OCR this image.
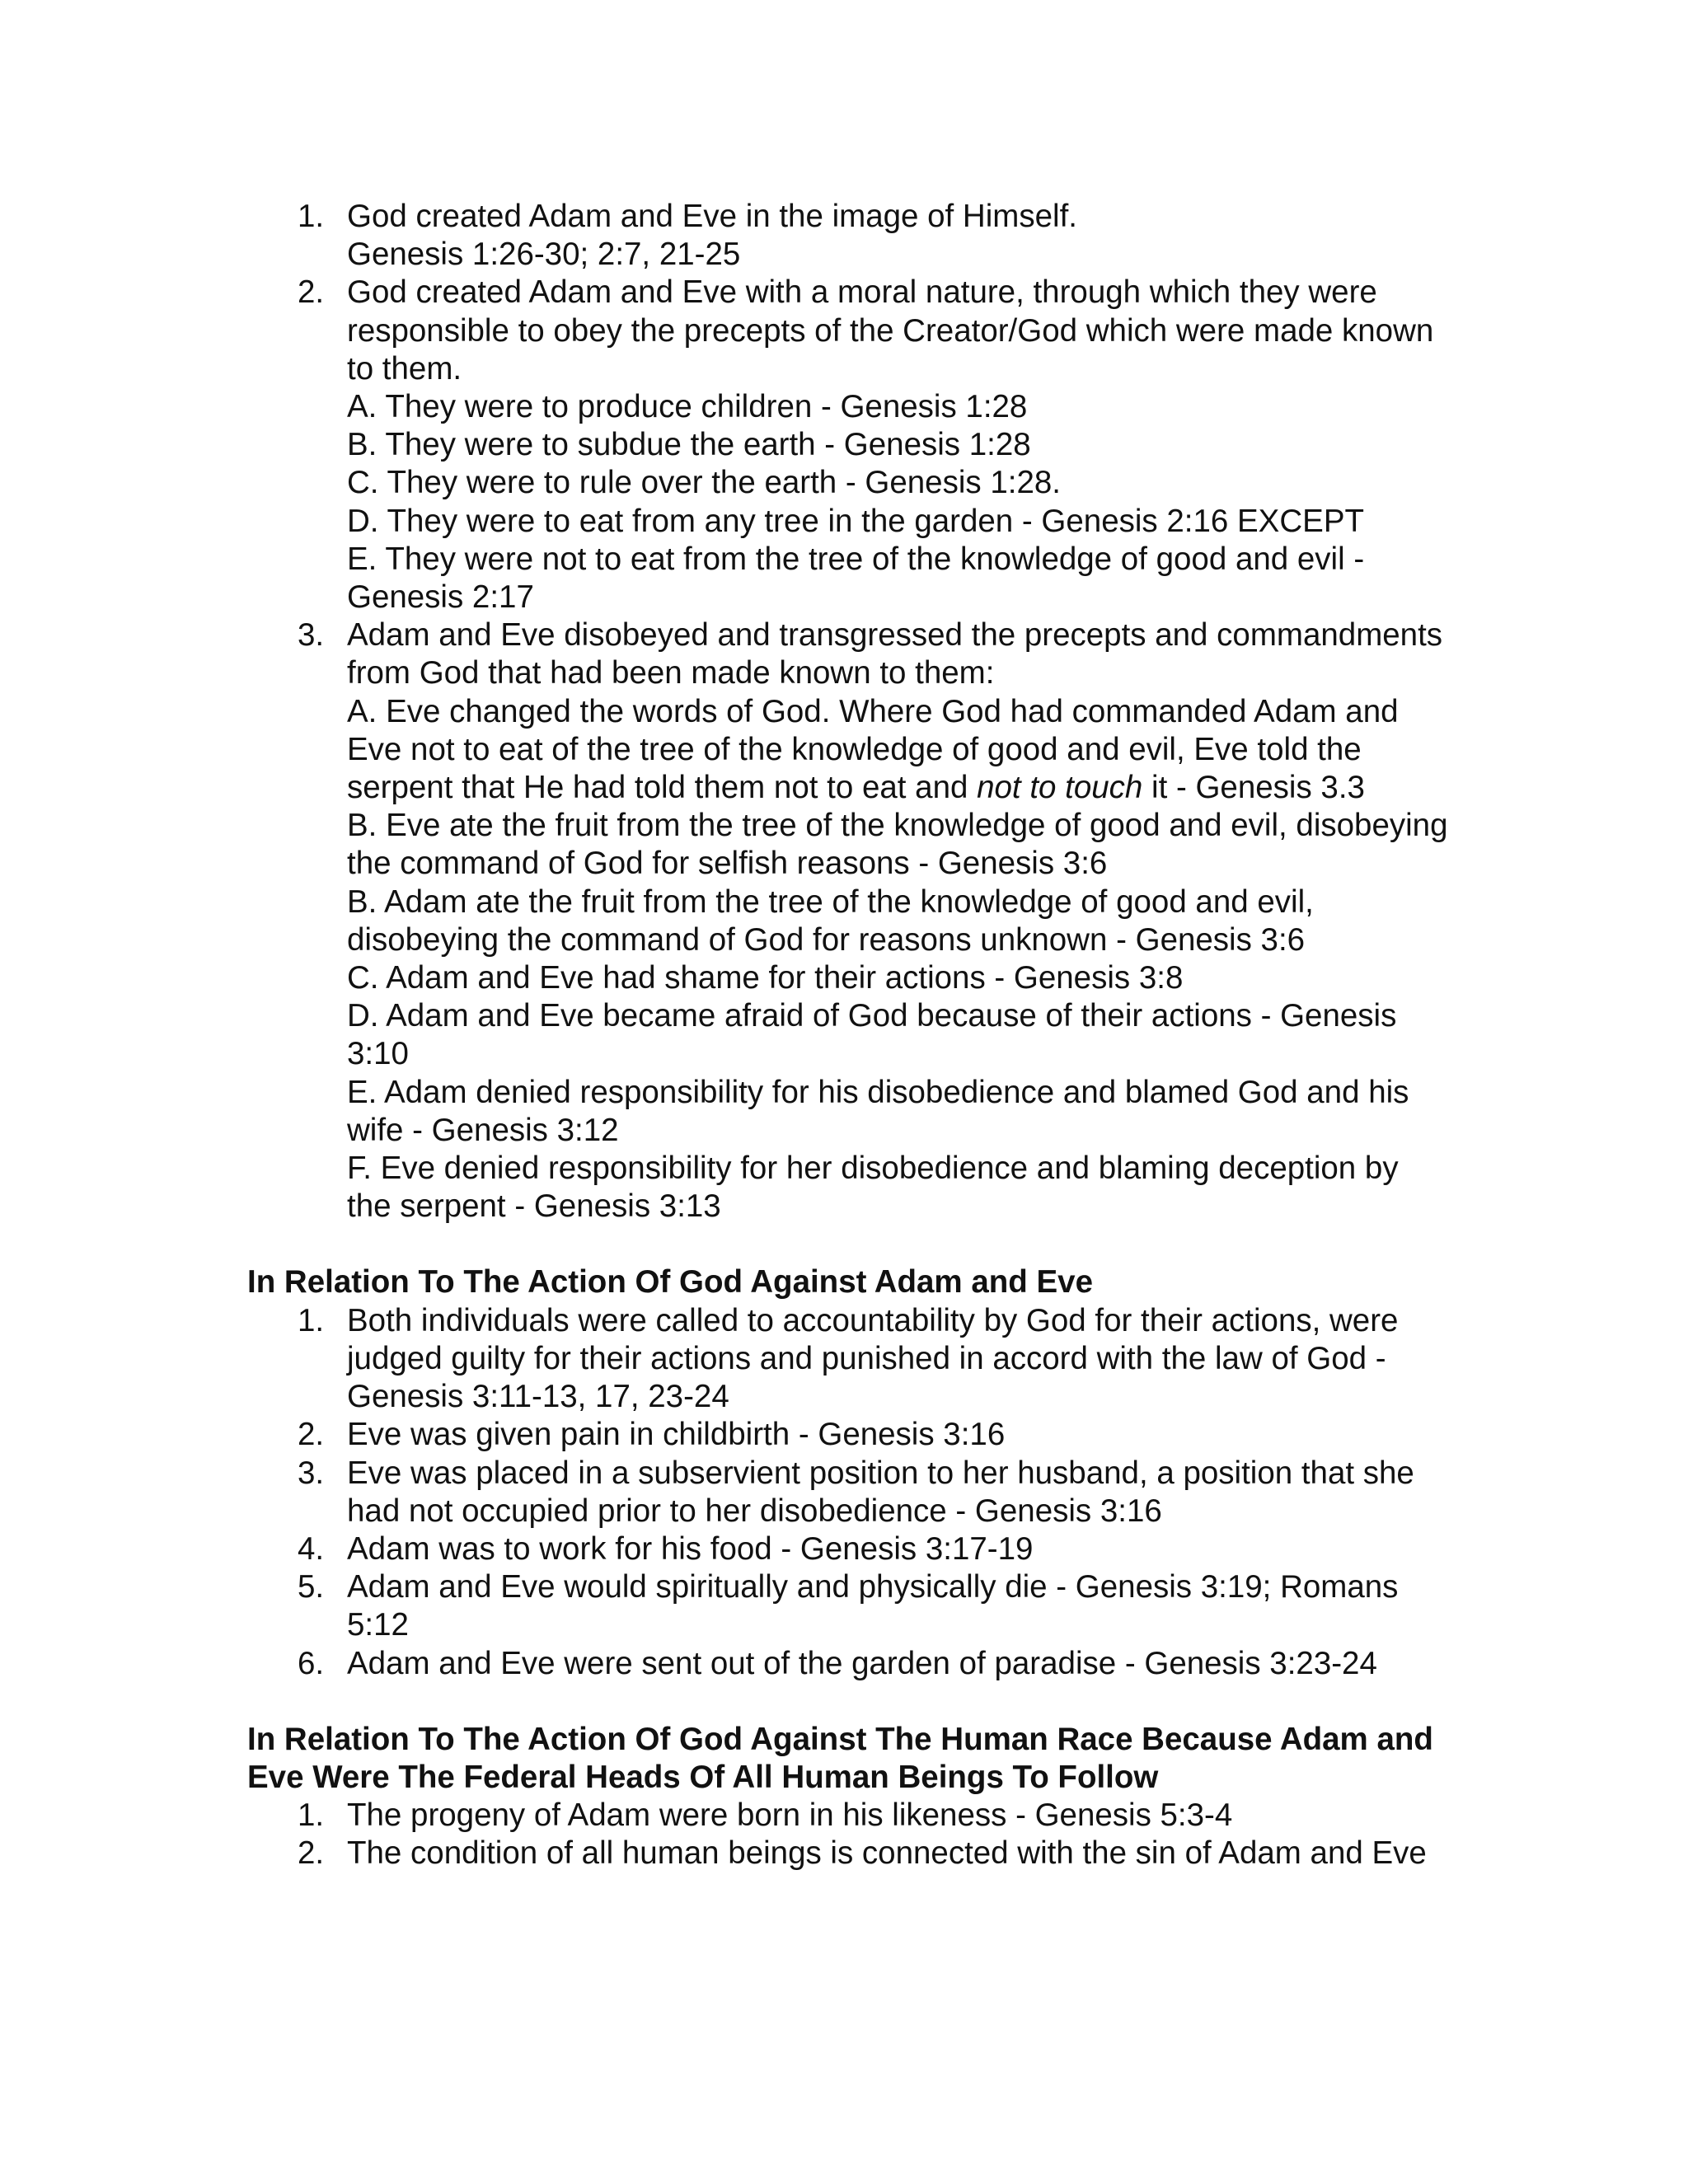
1. God created Adam and Eve in the image of Himself.
Genesis 1:26-30; 2:7, 21-25
2. God created Adam and Eve with a moral nature, through which they were responsible to obey the precepts of the Creator/God which were made known to them.
A. They were to produce children - Genesis 1:28
B. They were to subdue the earth - Genesis 1:28
C. They were to rule over the earth - Genesis 1:28.
D. They were to eat from any tree in the garden - Genesis 2:16 EXCEPT
E. They were not to eat from the tree of the knowledge of good and evil - Genesis 2:17
3. Adam and Eve disobeyed and transgressed the precepts and commandments from God that had been made known to them:
A. Eve changed the words of God. Where God had commanded Adam and Eve not to eat of the tree of the knowledge of good and evil, Eve told the serpent that He had told them not to eat and not to touch it - Genesis 3.3
B. Eve ate the fruit from the tree of the knowledge of good and evil, disobeying the command of God for selfish reasons - Genesis 3:6
B. Adam ate the fruit from the tree of the knowledge of good and evil, disobeying the command of God for reasons unknown - Genesis 3:6
C. Adam and Eve had shame for their actions - Genesis 3:8
D. Adam and Eve became afraid of God because of their actions - Genesis 3:10
E. Adam denied responsibility for his disobedience and blamed God and his wife - Genesis 3:12
F. Eve denied responsibility for her disobedience and blaming deception by the serpent - Genesis 3:13
In Relation To The Action Of God Against Adam and Eve
1. Both individuals were called to accountability by God for their actions, were judged guilty for their actions and punished in accord with the law of God - Genesis 3:11-13, 17, 23-24
2. Eve was given pain in childbirth - Genesis 3:16
3. Eve was placed in a subservient position to her husband, a position that she had not occupied prior to her disobedience - Genesis 3:16
4. Adam was to work for his food - Genesis 3:17-19
5. Adam and Eve would spiritually and physically die - Genesis 3:19; Romans 5:12
6. Adam and Eve were sent out of the garden of paradise - Genesis 3:23-24
In Relation To The Action Of God Against The Human Race Because Adam and Eve Were The Federal Heads Of All Human Beings To Follow
1. The progeny of Adam were born in his likeness - Genesis 5:3-4
2. The condition of all human beings is connected with the sin of Adam and Eve
